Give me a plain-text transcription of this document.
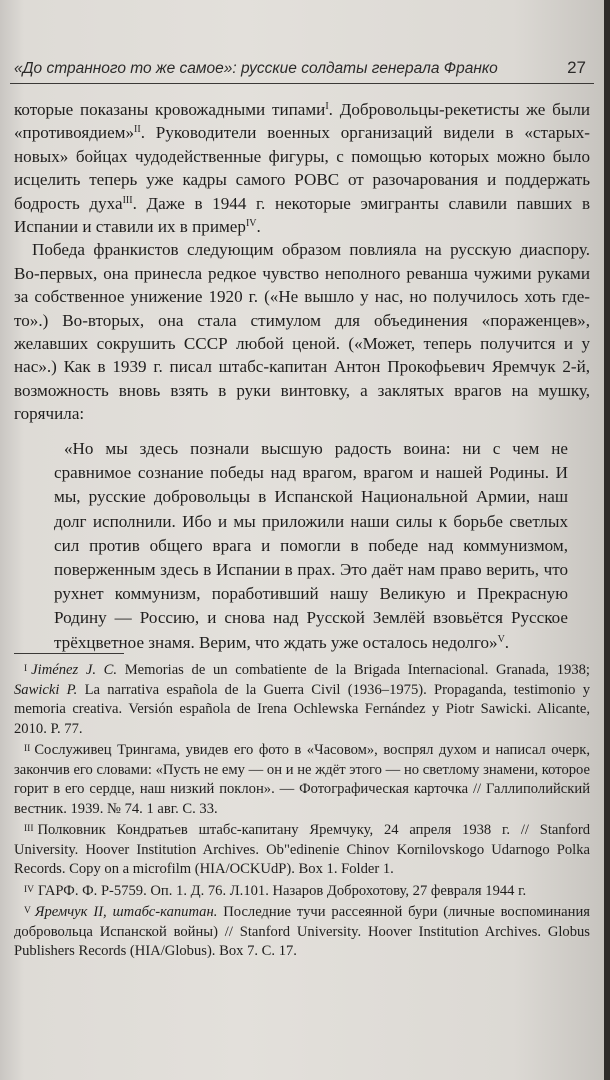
«До странного то же самое»: русские солдаты генерала Франко	27

которые показаны кровожадными типами$^I$. Добровольцы-рекетисты же были «противоядием»$^{II}$. Руководители военных организаций видели в «старых-новых» бойцах чудодейственные фигуры, с помощью которых можно было исцелить теперь уже кадры самого РОВС от разочарования и поддержать бодрость духа$^{III}$. Даже в 1944 г. некоторые эмигранты славили павших в Испании и ставили их в пример$^{IV}$.

Победа франкистов следующим образом повлияла на русскую диаспору. Во-первых, она принесла редкое чувство неполного реванша чужими руками за собственное унижение 1920 г. («Не вышло у нас, но получилось хоть где-то».) Во-вторых, она стала стимулом для объединения «пораженцев», желавших сокрушить СССР любой ценой. («Может, теперь получится и у нас».) Как в 1939 г. писал штабс-капитан Антон Прокофьевич Яремчук 2-й, возможность вновь взять в руки винтовку, а заклятых врагов на мушку, горячила:

«Но мы здесь познали высшую радость воина: ни с чем не сравнимое сознание победы над врагом, врагом и нашей Родины. И мы, русские добровольцы в Испанской Национальной Армии, наш долг исполнили. Ибо и мы приложили наши силы к борьбе светлых сил против общего врага и помогли в победе над коммунизмом, поверженным здесь в Испании в прах. Это даёт нам право верить, что рухнет коммунизм, поработивший нашу Великую и Прекрасную Родину — Россию, и снова над Русской Землёй взовьётся Русское трёхцветное знамя. Верим, что ждать уже осталось недолго»$^V$.

$^I$ Jiménez J. C. Memorias de un combatiente de la Brigada Internacional. Granada, 1938; Sawicki P. La narrativa española de la Guerra Civil (1936–1975). Propaganda, testimonio y memoria creativa. Versión española de Irena Ochlewska Fernández y Piotr Sawicki. Alicante, 2010. P. 77.

$^{II}$ Сослуживец Трингама, увидев его фото в «Часовом», воспрял духом и написал очерк, закончив его словами: «Пусть не ему — он и не ждёт этого — но светлому знамени, которое горит в его сердце, наш низкий поклон». — Фотографическая карточка // Галлиполийский вестник. 1939. № 74. 1 авг. С. 33.

$^{III}$ Полковник Кондратьев штабс-капитану Яремчуку, 24 апреля 1938 г. // Stanford University. Hoover Institution Archives. Ob"edinenie Chinov Kornilovskogo Udarnogo Polka Records. Copy on a microfilm (HIA/OCKUdP). Box 1. Folder 1.

$^{IV}$ ГАРФ. Ф. Р-5759. Оп. 1. Д. 76. Л.101. Назаров Доброхотову, 27 февраля 1944 г.

$^V$ Яремчук II, штабс-капитан. Последние тучи рассеянной бури (личные воспоминания добровольца Испанской войны) // Stanford University. Hoover Institution Archives. Globus Publishers Records (HIA/Globus). Box 7. C. 17.
